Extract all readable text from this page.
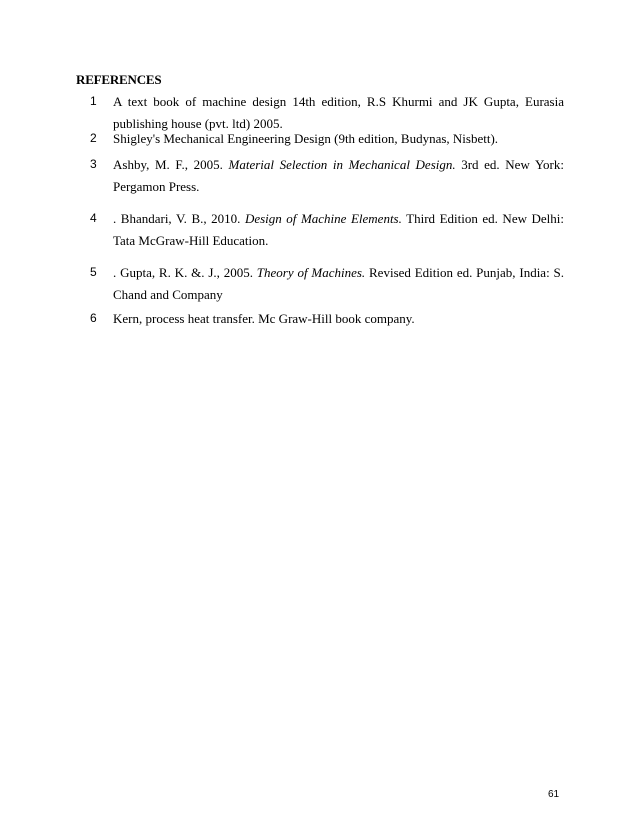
REFERENCES
1 A text book of machine design 14th edition, R.S Khurmi and JK Gupta, Eurasia publishing house (pvt. ltd) 2005.
2 Shigley's Mechanical Engineering Design (9th edition, Budynas, Nisbett).
3 Ashby, M. F., 2005. Material Selection in Mechanical Design. 3rd ed. New York: Pergamon Press.
4 . Bhandari, V. B., 2010. Design of Machine Elements. Third Edition ed. New Delhi: Tata McGraw-Hill Education.
5 . Gupta, R. K. &. J., 2005. Theory of Machines. Revised Edition ed. Punjab, India: S. Chand and Company
6 Kern, process heat transfer. Mc Graw-Hill book company.
61
